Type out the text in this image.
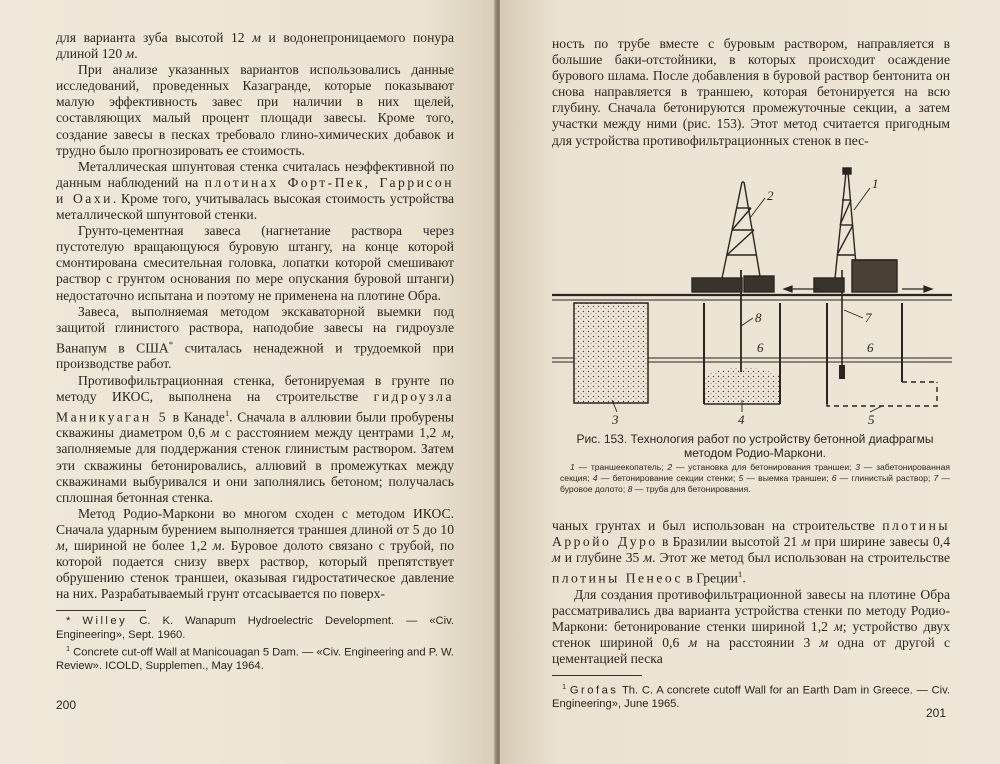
для варианта зуба высотой 12 м и водонепроницаемого понура длиной 120 м.

При анализе указанных вариантов использовались данные исследований, проведенных Казагранде, которые показывают малую эффективность завес при наличии в них щелей, составляющих малый процент площади завесы. Кроме того, создание завесы в песках требовало глино-химических добавок и трудно было прогнозировать ее стоимость.

Металлическая шпунтовая стенка считалась неэффективной по данным наблюдений на плотинах Форт-Пек, Гаррисон и Оахи. Кроме того, учитывалась высокая стоимость устройства металлической шпунтовой стенки.

Грунто-цементная завеса (нагнетание раствора через пустотелую вращающуюся буровую штангу, на конце которой смонтирована смесительная головка, лопатки которой смешивают раствор с грунтом основания по мере опускания буровой штанги) недостаточно испытана и поэтому не применена на плотине Обра.

Завеса, выполняемая методом экскаваторной выемки под защитой глинистого раствора, наподобие завесы на гидроузле Ванапум в США* считалась ненадежной и трудоемкой при производстве работ.

Противофильтрационная стенка, бетонируемая в грунте по методу ИКОС, выполнена на строительстве гидроузла Маникуаган 5 в Канаде$^1$. Сначала в аллювии были пробурены скважины диаметром 0,6 м с расстоянием между центрами 1,2 м, заполняемые для поддержания стенок глинистым раствором. Затем эти скважины бетонировались, аллювий в промежутках между скважинами выбуривался и они заполнялись бетоном; получалась сплошная бетонная стенка.

Метод Родио-Маркони во многом сходен с методом ИКОС. Сначала ударным бурением выполняется траншея длиной от 5 до 10 м, шириной не более 1,2 м. Буровое долото связано с трубой, по которой подается снизу вверх раствор, который препятствует обрушению стенок траншеи, оказывая гидростатическое давление на них. Разрабатываемый грунт отсасывается по поверх-

* Willey C. K. Wanapum Hydroelectric Development. — «Civ. Engineering», Sept. 1960.

$^1$ Concrete cut-off Wall at Manicouagan 5 Dam. — «Civ. Engineering and P. W. Review». ICOLD, Supplemen., May 1964.

200

ность по трубе вместе с буровым раствором, направляется в большие баки-отстойники, в которых происходит осаждение бурового шлама. После добавления в буровой раствор бентонита он снова направляется в траншею, которая бетонируется на всю глубину. Сначала бетонируются промежуточные секции, а затем участки между ними (рис. 153). Этот метод считается пригодным для устройства противофильтрационных стенок в пес-

1
2
3	4	5
6	6
7
8

Рис. 153. Технология работ по устройству бетонной диафрагмы методом Родио-Маркони.

1 — траншеекопатель; 2 — установка для бетонирования траншеи; 3 — забетонированная секция; 4 — бетонирование секции стенки; 5 — выемка траншеи; 6 — глинистый раствор; 7 — буровое долото; 8 — труба для бетонирования.

чаных грунтах и был использован на строительстве плотины Арройо Дуро в Бразилии высотой 21 м при ширине завесы 0,4 м и глубине 35 м. Этот же метод был использован на строительстве плотины Пенеос в Греции$^1$.

Для создания противофильтрационной завесы на плотине Обра рассматривались два варианта устройства стенки по методу Родио-Маркони: бетонирование стенки шириной 1,2 м; устройство двух стенок шириной 0,6 м на расстоянии 3 м одна от другой с цементацией песка

$^1$ Grofas Th. C. A concrete cutoff Wall for an Earth Dam in Greece. — Civ. Engineering», June 1965.

201
